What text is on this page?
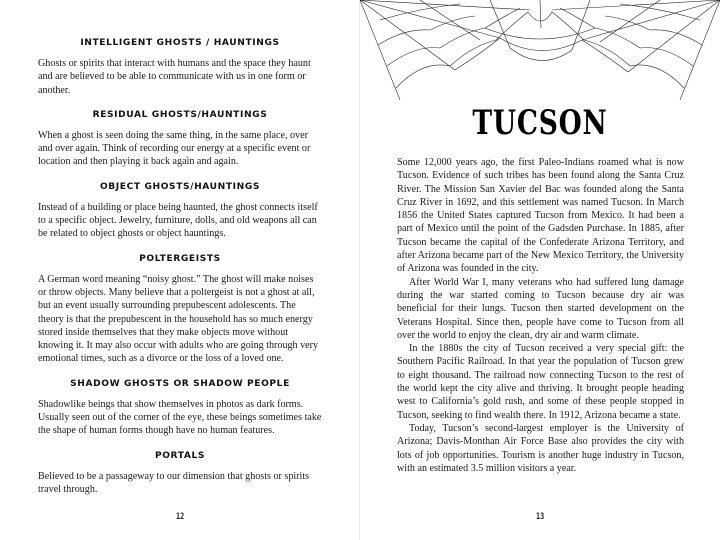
INTELLIGENT GHOSTS / HAUNTINGS

Ghosts or spirits that interact with humans and the space they haunt and are believed to be able to communicate with us in one form or another.

RESIDUAL GHOSTS/HAUNTINGS

When a ghost is seen doing the same thing, in the same place, over and over again. Think of recording our energy at a specific event or location and then playing it back again and again.

OBJECT GHOSTS/HAUNTINGS

Instead of a building or place being haunted, the ghost connects itself to a specific object. Jewelry, furniture, dolls, and old weapons all can be related to object ghosts or object hauntings.

POLTERGEISTS

A German word meaning “noisy ghost.” The ghost will make noises or throw objects. Many believe that a poltergeist is not a ghost at all, but an event usually surrounding prepubescent adolescents. The theory is that the prepubescent in the household has so much energy stored inside themselves that they make objects move without knowing it. It may also occur with adults who are going through very emotional times, such as a divorce or the loss of a loved one.

SHADOW GHOSTS OR SHADOW PEOPLE

Shadowlike beings that show themselves in photos as dark forms. Usually seen out of the corner of the eye, these beings sometimes take the shape of human forms though have no human features.

PORTALS

Believed to be a passageway to our dimension that ghosts or spirits travel through.

12
TUCSON

Some 12,000 years ago, the first Paleo-Indians roamed what is now Tucson. Evidence of such tribes has been found along the Santa Cruz River. The Mission San Xavier del Bac was founded along the Santa Cruz River in 1692, and this settlement was named Tucson. In March 1856 the United States captured Tucson from Mexico. It had been a part of Mexico until the point of the Gadsden Purchase. In 1885, after Tucson became the capital of the Confederate Arizona Territory, and after Arizona became part of the New Mexico Territory, the University of Arizona was founded in the city.

After World War I, many veterans who had suffered lung damage during the war started coming to Tucson because dry air was beneficial for their lungs. Tucson then started development on the Veterans Hospital. Since then, people have come to Tucson from all over the world to enjoy the clean, dry air and warm climate.

In the 1880s the city of Tucson received a very special gift: the Southern Pacific Railroad. In that year the population of Tucson grew to eight thousand. The railroad now connecting Tucson to the rest of the world kept the city alive and thriving. It brought people heading west to California’s gold rush, and some of these people stopped in Tucson, seeking to find wealth there. In 1912, Arizona became a state.

Today, Tucson’s second-largest employer is the University of Arizona; Davis-Monthan Air Force Base also provides the city with lots of job opportunities. Tourism is another huge industry in Tucson, with an estimated 3.5 million visitors a year.

13
